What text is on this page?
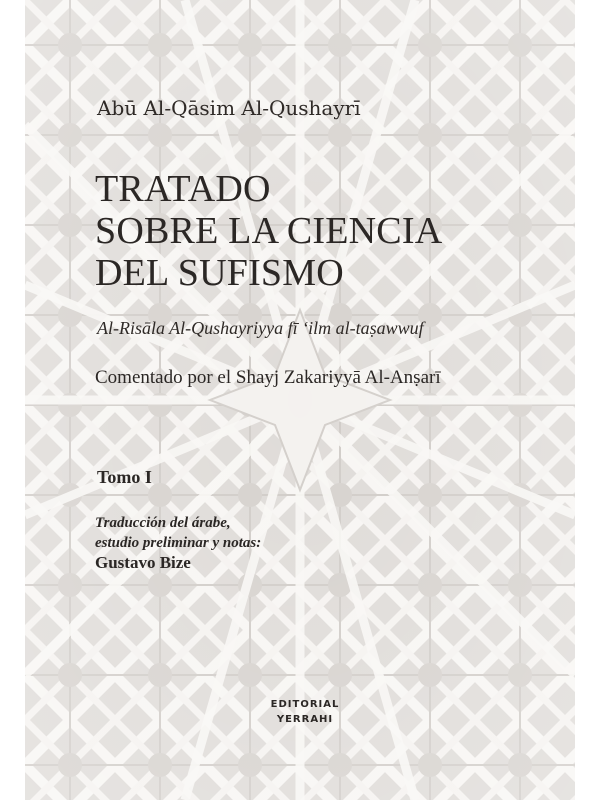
Abū Al-Qāsim Al-Qushayrī
TRATADO
SOBRE LA CIENCIA
DEL SUFISMO
Al-Risāla Al-Qushayriyya fī ‘ilm al-taṣawwuf
Comentado por el Shayj Zakariyyā Al-Anṣarī
Tomo I
Traducción del árabe,
estudio preliminar y notas:
Gustavo Bize
EDITORIAL
YERRAHI
